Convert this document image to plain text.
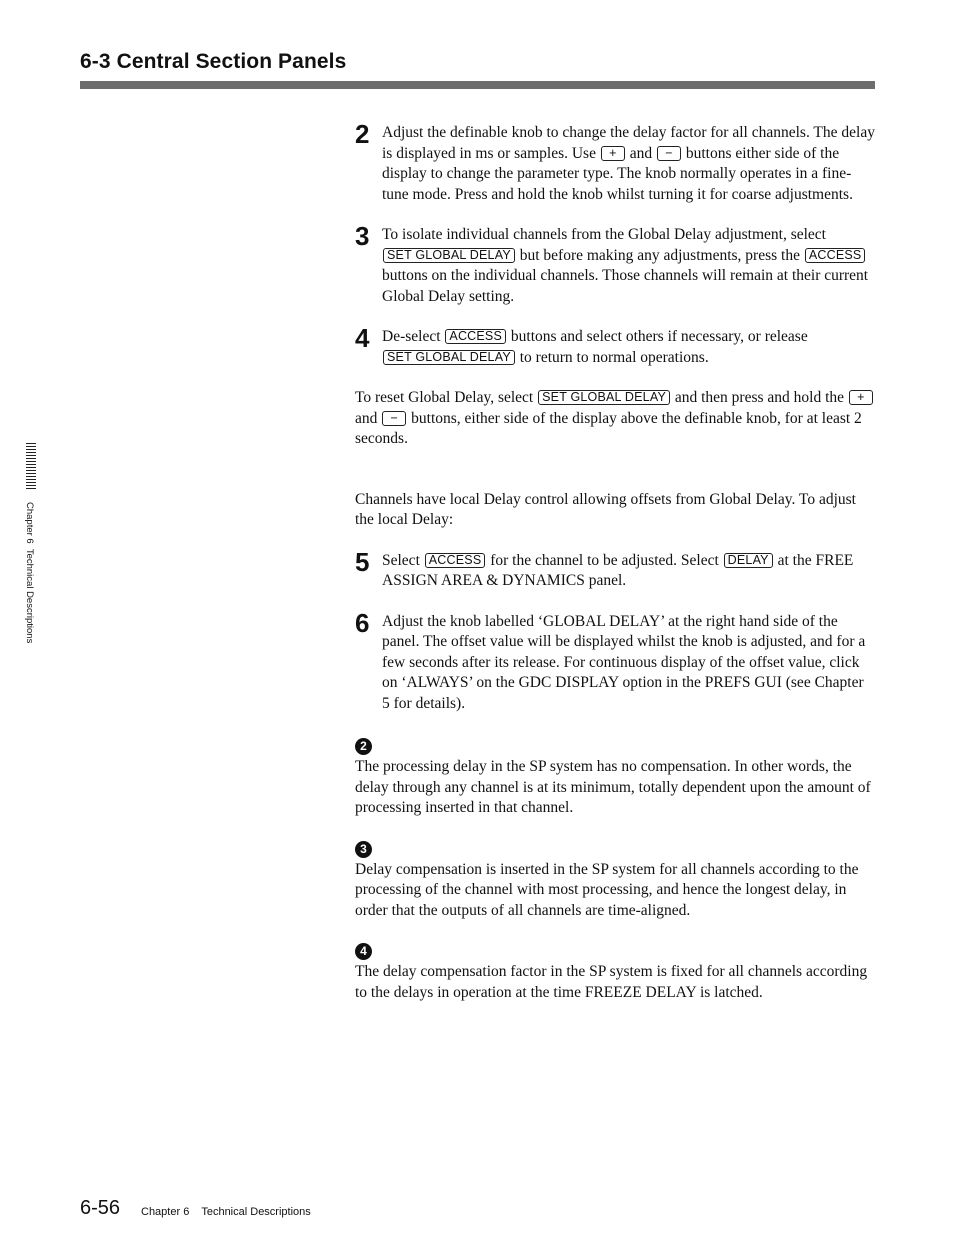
6-3 Central Section Panels
Chapter 6  Technical Descriptions
2 Adjust the definable knob to change the delay factor for all channels. The delay is displayed in ms or samples. Use + and − buttons either side of the display to change the parameter type. The knob normally operates in a fine-tune mode. Press and hold the knob whilst turning it for coarse adjustments.
3 To isolate individual channels from the Global Delay adjustment, select SET GLOBAL DELAY but before making any adjustments, press the ACCESS buttons on the individual channels. Those channels will remain at their current Global Delay setting.
4 De-select ACCESS buttons and select others if necessary, or release SET GLOBAL DELAY to return to normal operations.

To reset Global Delay, select SET GLOBAL DELAY and then press and hold the + and − buttons, either side of the display above the definable knob, for at least 2 seconds.

Channels have local Delay control allowing offsets from Global Delay. To adjust the local Delay:

5 Select ACCESS for the channel to be adjusted. Select DELAY at the FREE ASSIGN AREA & DYNAMICS panel.
6 Adjust the knob labelled ‘GLOBAL DELAY’ at the right hand side of the panel. The offset value will be displayed whilst the knob is adjusted, and for a few seconds after its release. For continuous display of the offset value, click on ‘ALWAYS’ on the GDC DISPLAY option in the PREFS GUI (see Chapter 5 for details).
2
The processing delay in the SP system has no compensation. In other words, the delay through any channel is at its minimum, totally dependent upon the amount of processing inserted in that channel.
3
Delay compensation is inserted in the SP system for all channels according to the processing of the channel with most processing, and hence the longest delay, in order that the outputs of all channels are time-aligned.
4
The delay compensation factor in the SP system is fixed for all channels according to the delays in operation at the time FREEZE DELAY is latched.
6-56 Chapter 6    Technical Descriptions
